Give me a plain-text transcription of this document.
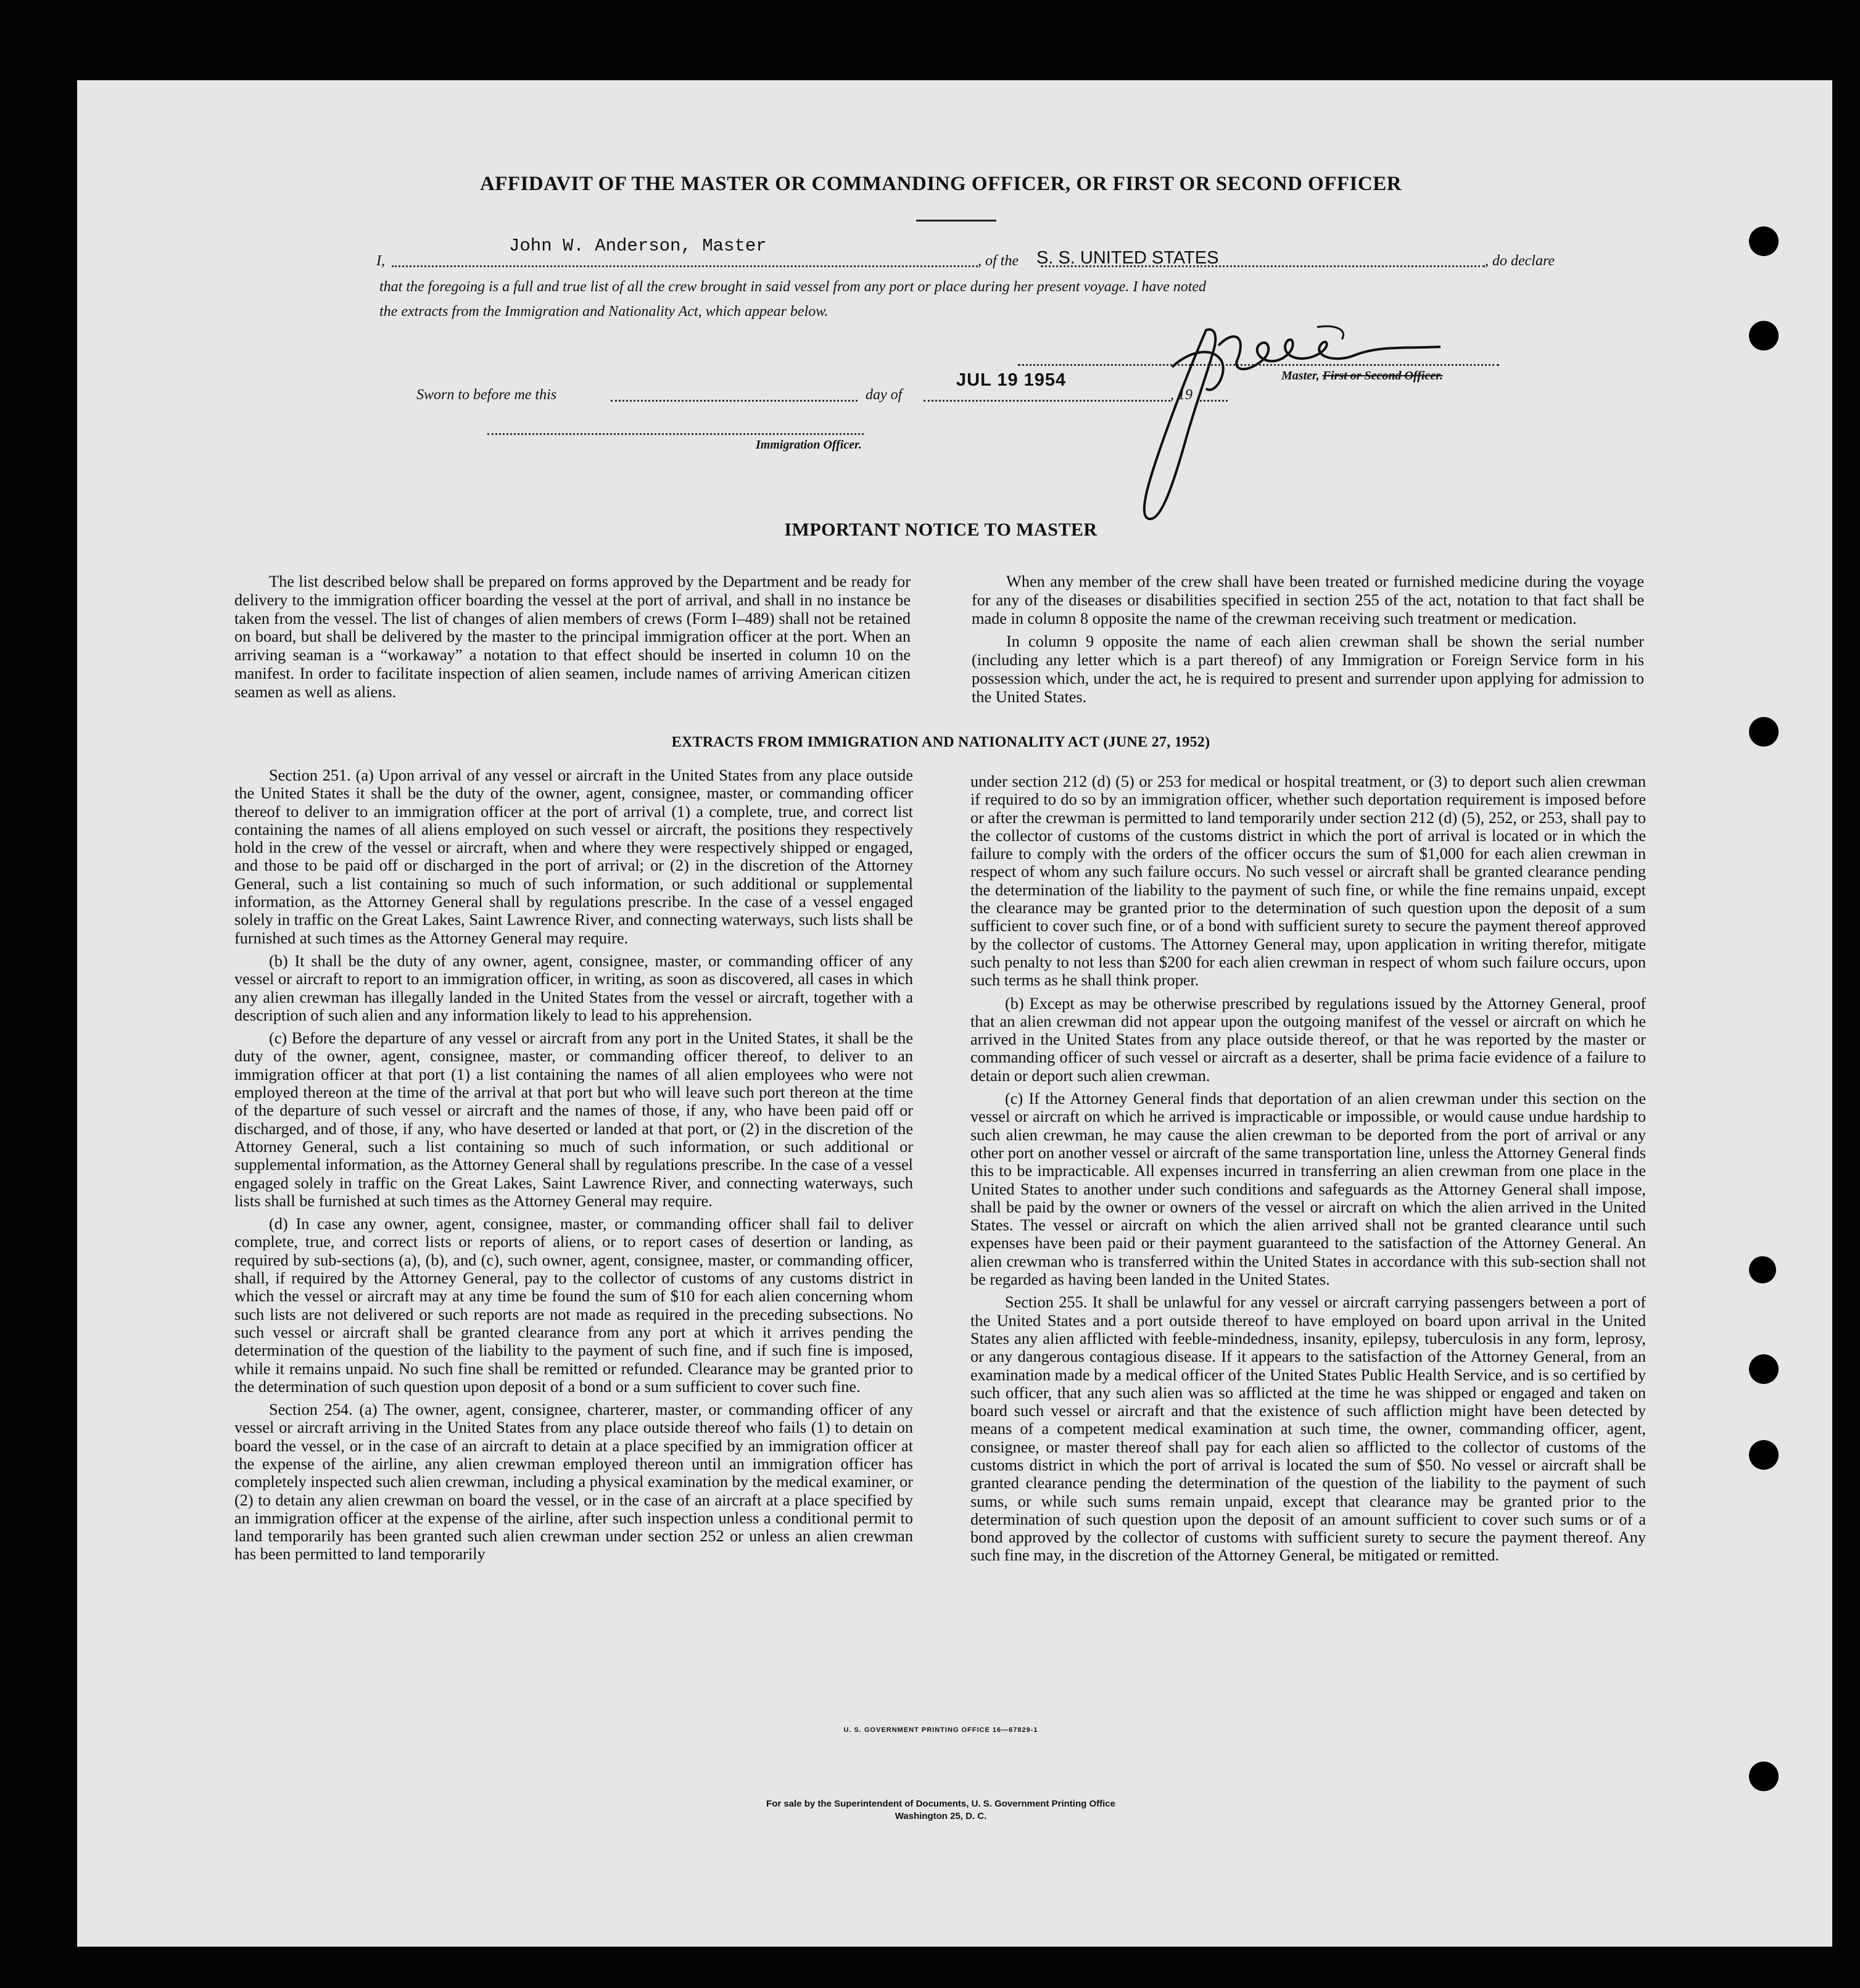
AFFIDAVIT OF THE MASTER OR COMMANDING OFFICER, OR FIRST OR SECOND OFFICER
I,
John W. Anderson, Master
, of the S. S. UNITED STATES	, do declare
that the foregoing is a full and true list of all the crew brought in said vessel from any port or place during her present voyage. I have noted
the extracts from the Immigration and Nationality Act, which appear below.
Master, First or Second Officer.
Sworn to before me this	day of
JUL 19 1954
, 19
Immigration Officer.
IMPORTANT NOTICE TO MASTER

The list described below shall be prepared on forms approved by the Department and be ready for delivery to the immigration officer boarding the vessel at the port of arrival, and shall in no instance be taken from the vessel. The list of changes of alien members of crews (Form I–489) shall not be retained on board, but shall be delivered by the master to the principal immigration officer at the port. When an arriving seaman is a “workaway” a notation to that effect should be inserted in column 10 on the manifest. In order to facilitate inspection of alien seamen, include names of arriving American citizen seamen as well as aliens.

When any member of the crew shall have been treated or furnished medicine during the voyage for any of the diseases or disabilities specified in section 255 of the act, notation to that fact shall be made in column 8 opposite the name of the crewman receiving such treatment or medication.

In column 9 opposite the name of each alien crewman shall be shown the serial number (including any letter which is a part thereof) of any Immigration or Foreign Service form in his possession which, under the act, he is required to present and surrender upon applying for admission to the United States.

EXTRACTS FROM IMMIGRATION AND NATIONALITY ACT (JUNE 27, 1952)

Section 251. (a) Upon arrival of any vessel or aircraft in the United States from any place outside the United States it shall be the duty of the owner, agent, consignee, master, or commanding officer thereof to deliver to an immigration officer at the port of arrival (1) a complete, true, and correct list containing the names of all aliens employed on such vessel or aircraft, the positions they respectively hold in the crew of the vessel or aircraft, when and where they were respectively shipped or engaged, and those to be paid off or discharged in the port of arrival; or (2) in the discretion of the Attorney General, such a list containing so much of such information, or such additional or supplemental information, as the Attorney General shall by regulations prescribe. In the case of a vessel engaged solely in traffic on the Great Lakes, Saint Lawrence River, and connecting waterways, such lists shall be furnished at such times as the Attorney General may require.

(b) It shall be the duty of any owner, agent, consignee, master, or commanding officer of any vessel or aircraft to report to an immigration officer, in writing, as soon as discovered, all cases in which any alien crewman has illegally landed in the United States from the vessel or aircraft, together with a description of such alien and any information likely to lead to his apprehension.

(c) Before the departure of any vessel or aircraft from any port in the United States, it shall be the duty of the owner, agent, consignee, master, or commanding officer thereof, to deliver to an immigration officer at that port (1) a list containing the names of all alien employees who were not employed thereon at the time of the arrival at that port but who will leave such port thereon at the time of the departure of such vessel or aircraft and the names of those, if any, who have been paid off or discharged, and of those, if any, who have deserted or landed at that port, or (2) in the discretion of the Attorney General, such a list containing so much of such information, or such additional or supplemental information, as the Attorney General shall by regulations prescribe. In the case of a vessel engaged solely in traffic on the Great Lakes, Saint Lawrence River, and connecting waterways, such lists shall be furnished at such times as the Attorney General may require.

(d) In case any owner, agent, consignee, master, or commanding officer shall fail to deliver complete, true, and correct lists or reports of aliens, or to report cases of desertion or landing, as required by sub-sections (a), (b), and (c), such owner, agent, consignee, master, or commanding officer, shall, if required by the Attorney General, pay to the collector of customs of any customs district in which the vessel or aircraft may at any time be found the sum of $10 for each alien concerning whom such lists are not delivered or such reports are not made as required in the preceding subsections. No such vessel or aircraft shall be granted clearance from any port at which it arrives pending the determination of the question of the liability to the payment of such fine, and if such fine is imposed, while it remains unpaid. No such fine shall be remitted or refunded. Clearance may be granted prior to the determination of such question upon deposit of a bond or a sum sufficient to cover such fine.

Section 254. (a) The owner, agent, consignee, charterer, master, or commanding officer of any vessel or aircraft arriving in the United States from any place outside thereof who fails (1) to detain on board the vessel, or in the case of an aircraft to detain at a place specified by an immigration officer at the expense of the airline, any alien crewman employed thereon until an immigration officer has completely inspected such alien crewman, including a physical examination by the medical examiner, or (2) to detain any alien crewman on board the vessel, or in the case of an aircraft at a place specified by an immigration officer at the expense of the airline, after such inspection unless a conditional permit to land temporarily has been granted such alien crewman under section 252 or unless an alien crewman has been permitted to land temporarily

under section 212 (d) (5) or 253 for medical or hospital treatment, or (3) to deport such alien crewman if required to do so by an immigration officer, whether such deportation requirement is imposed before or after the crewman is permitted to land temporarily under section 212 (d) (5), 252, or 253, shall pay to the collector of customs of the customs district in which the port of arrival is located or in which the failure to comply with the orders of the officer occurs the sum of $1,000 for each alien crewman in respect of whom any such failure occurs. No such vessel or aircraft shall be granted clearance pending the determination of the liability to the payment of such fine, or while the fine remains unpaid, except the clearance may be granted prior to the determination of such question upon the deposit of a sum sufficient to cover such fine, or of a bond with sufficient surety to secure the payment thereof approved by the collector of customs. The Attorney General may, upon application in writing therefor, mitigate such penalty to not less than $200 for each alien crewman in respect of whom such failure occurs, upon such terms as he shall think proper.

(b) Except as may be otherwise prescribed by regulations issued by the Attorney General, proof that an alien crewman did not appear upon the outgoing manifest of the vessel or aircraft on which he arrived in the United States from any place outside thereof, or that he was reported by the master or commanding officer of such vessel or aircraft as a deserter, shall be prima facie evidence of a failure to detain or deport such alien crewman.

(c) If the Attorney General finds that deportation of an alien crewman under this section on the vessel or aircraft on which he arrived is impracticable or impossible, or would cause undue hardship to such alien crewman, he may cause the alien crewman to be deported from the port of arrival or any other port on another vessel or aircraft of the same transportation line, unless the Attorney General finds this to be impracticable. All expenses incurred in transferring an alien crewman from one place in the United States to another under such conditions and safeguards as the Attorney General shall impose, shall be paid by the owner or owners of the vessel or aircraft on which the alien arrived in the United States. The vessel or aircraft on which the alien arrived shall not be granted clearance until such expenses have been paid or their payment guaranteed to the satisfaction of the Attorney General. An alien crewman who is transferred within the United States in accordance with this sub-section shall not be regarded as having been landed in the United States.

Section 255. It shall be unlawful for any vessel or aircraft carrying passengers between a port of the United States and a port outside thereof to have employed on board upon arrival in the United States any alien afflicted with feeble-mindedness, insanity, epilepsy, tuberculosis in any form, leprosy, or any dangerous contagious disease. If it appears to the satisfaction of the Attorney General, from an examination made by a medical officer of the United States Public Health Service, and is so certified by such officer, that any such alien was so afflicted at the time he was shipped or engaged and taken on board such vessel or aircraft and that the existence of such affliction might have been detected by means of a competent medical examination at such time, the owner, commanding officer, agent, consignee, or master thereof shall pay for each alien so afflicted to the collector of customs of the customs district in which the port of arrival is located the sum of $50. No vessel or aircraft shall be granted clearance pending the determination of the question of the liability to the payment of such sums, or while such sums remain unpaid, except that clearance may be granted prior to the determination of such question upon the deposit of an amount sufficient to cover such sums or of a bond approved by the collector of customs with sufficient surety to secure the payment thereof. Any such fine may, in the discretion of the Attorney General, be mitigated or remitted.

U. S. GOVERNMENT PRINTING OFFICE 16—67829-1
For sale by the Superintendent of Documents, U. S. Government Printing Office
Washington 25, D. C.
